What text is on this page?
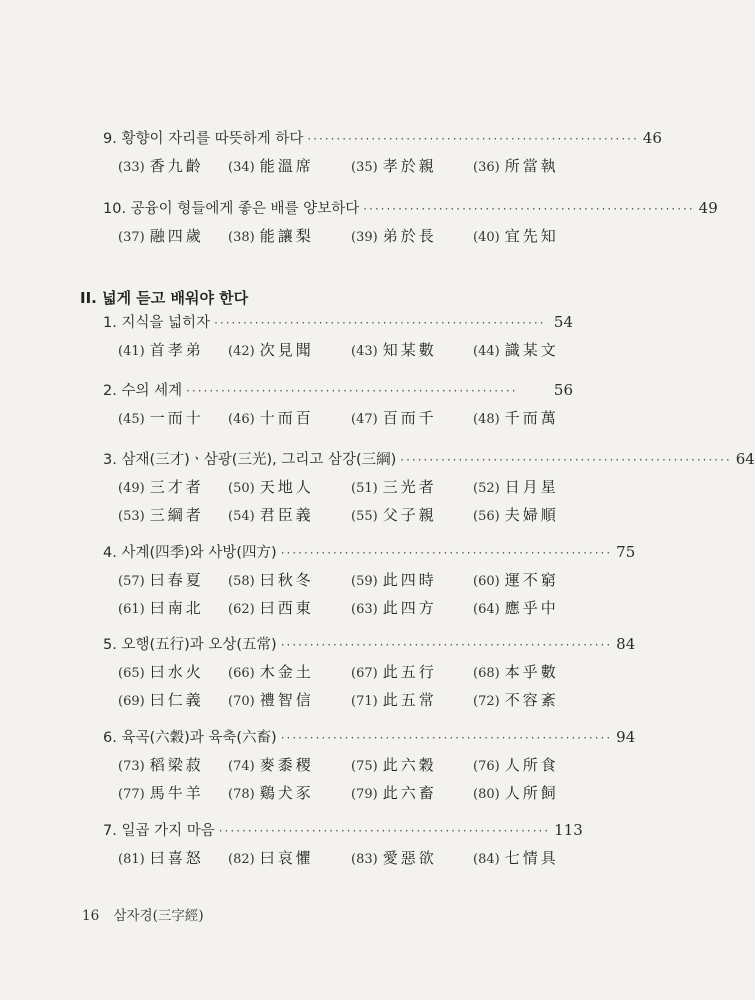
9. 황향이 자리를 따뜻하게 하다 ························································· 46
(33) 香九齡	(34) 能溫席	(35) 孝於親	(36) 所當執
10. 공융이 형들에게 좋은 배를 양보하다 ························································· 49
(37) 融四歲	(38) 能讓梨	(39) 弟於長	(40) 宜先知
II. 넓게 듣고 배워야 한다
1. 지식을 넓히자 ························································· 54
(41) 首孝弟	(42) 次見聞	(43) 知某數	(44) 識某文
2. 수의 세계 ·························································	56
(45) 一而十	(46) 十而百	(47) 百而千	(48) 千而萬
3. 삼재(三才)ㆍ삼광(三光), 그리고 삼강(三綱) ························································· 64
(49) 三才者	(50) 天地人	(51) 三光者	(52) 日月星
(53) 三綱者	(54) 君臣義	(55) 父子親	(56) 夫婦順
4. 사계(四季)와 사방(四方) ························································· 75
(57) 曰春夏	(58) 曰秋冬	(59) 此四時	(60) 運不窮
(61) 曰南北	(62) 曰西東	(63) 此四方	(64) 應乎中
5. 오행(五行)과 오상(五常) ························································· 84
(65) 曰水火	(66) 木金土	(67) 此五行	(68) 本乎數
(69) 曰仁義	(70) 禮智信	(71) 此五常	(72) 不容紊
6. 육곡(六穀)과 육축(六畜) ························································· 94
(73) 稻梁菽	(74) 麥黍稷	(75) 此六穀	(76) 人所食
(77) 馬牛羊	(78) 鷄犬豕	(79) 此六畜	(80) 人所飼
7. 일곱 가지 마음 ························································· 113
(81) 曰喜怒	(82) 曰哀懼	(83) 愛惡欲	(84) 七情具
16 삼자경(三字經)
